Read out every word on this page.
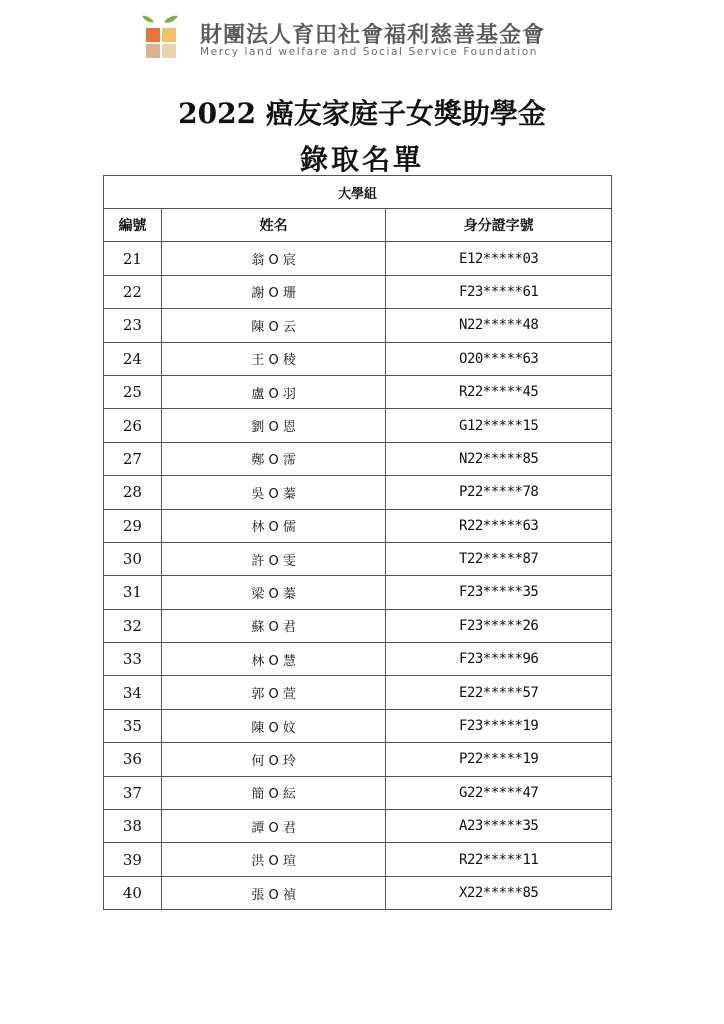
財團法人育田社會福利慈善基金會
Mercy land welfare and Social Service Foundation
2022 癌友家庭子女獎助學金
錄取名單
大學組		
編號	姓名	身分證字號
21	翁 O 宸	E12*****03
22	謝 O 珊	F23*****61
23	陳 O 云	N22*****48
24	王 O 稜	O20*****63
25	盧 O 羽	R22*****45
26	劉 O 恩	G12*****15
27	鄭 O 霈	N22*****85
28	吳 O 蓁	P22*****78
29	林 O 儒	R22*****63
30	許 O 雯	T22*****87
31	梁 O 蓁	F23*****35
32	蘇 O 君	F23*****26
33	林 O 慧	F23*****96
34	郭 O 萱	E22*****57
35	陳 O 妏	F23*****19
36	何 O 玲	P22*****19
37	簡 O 紜	G22*****47
38	譚 O 君	A23*****35
39	洪 O 瑄	R22*****11
40	張 O 禎	X22*****85
